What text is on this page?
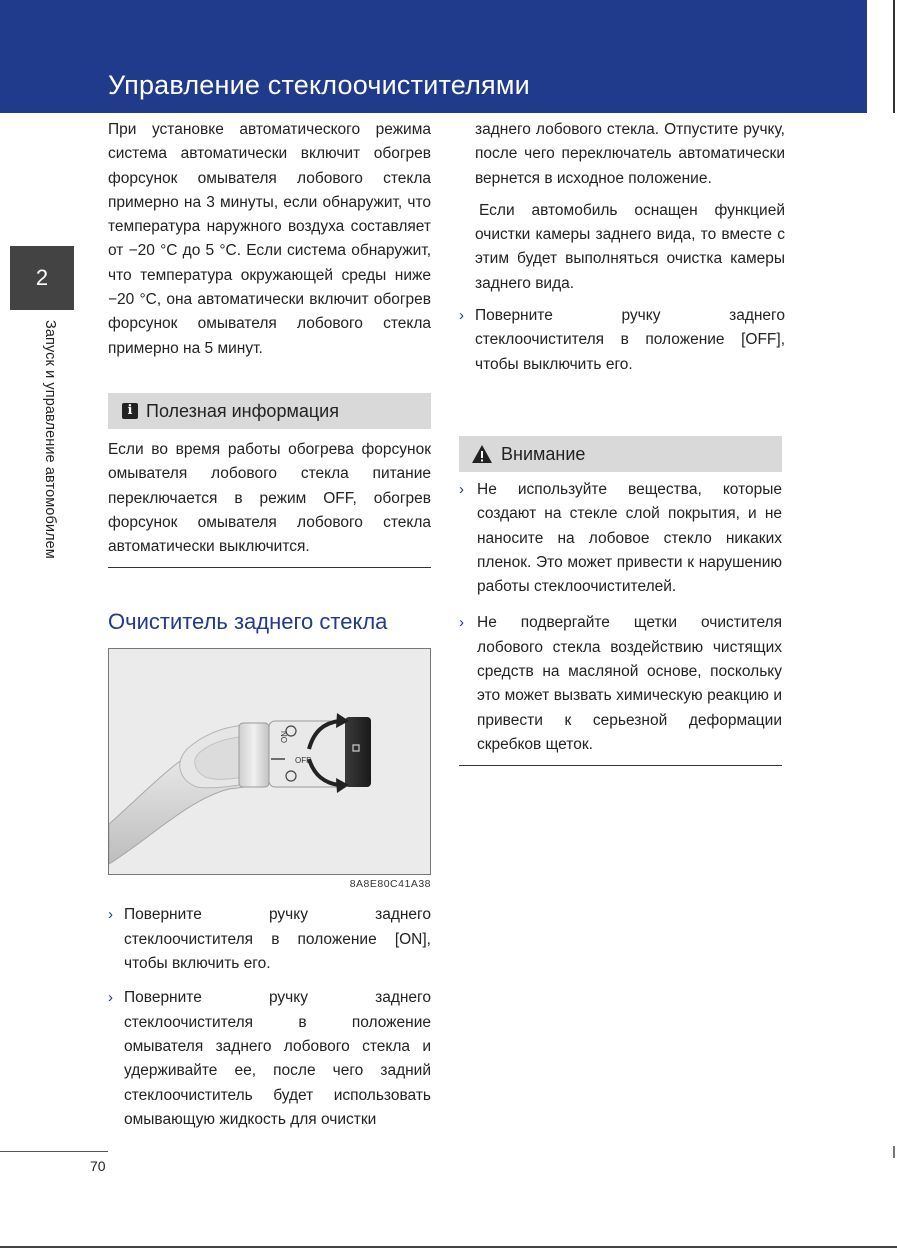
Управление стеклоочистителями
2
Запуск и управление автомобилем

При установке автоматического режима система автоматически включит обогрев форсунок омывателя лобового стекла примерно на 3 минуты, если обнаружит, что температура наружного воздуха составляет от −20 °C до 5 °C. Если система обнаружит, что температура окружающей среды ниже −20 °C, она автоматически включит обогрев форсунок омывателя лобового стекла примерно на 5 минут.

i Полезная информация

Если во время работы обогрева форсунок омывателя лобового стекла питание переключается в режим OFF, обогрев форсунок омывателя лобового стекла автоматически выключится.

Очиститель заднего стекла
ON
OFF
8A8E80C41A38

› Поверните ручку заднего стеклоочистителя в положение [ON], чтобы включить его.

› Поверните ручку заднего стеклоочистителя в положение омывателя заднего лобового стекла и удерживайте ее, после чего задний стеклоочиститель будет использовать омывающую жидкость для очистки

заднего лобового стекла. Отпустите ручку, после чего переключатель автоматически вернется в исходное положение.

Если автомобиль оснащен функцией очистки камеры заднего вида, то вместе с этим будет выполняться очистка камеры заднего вида.

› Поверните ручку заднего стеклоочистителя в положение [OFF], чтобы выключить его.

Внимание

› Не используйте вещества, которые создают на стекле слой покрытия, и не наносите на лобовое стекло никаких пленок. Это может привести к нарушению работы стеклоочистителей.

› Не подвергайте щетки очистителя лобового стекла воздействию чистящих средств на масляной основе, поскольку это может вызвать химическую реакцию и привести к серьезной деформации скребков щеток.

70
